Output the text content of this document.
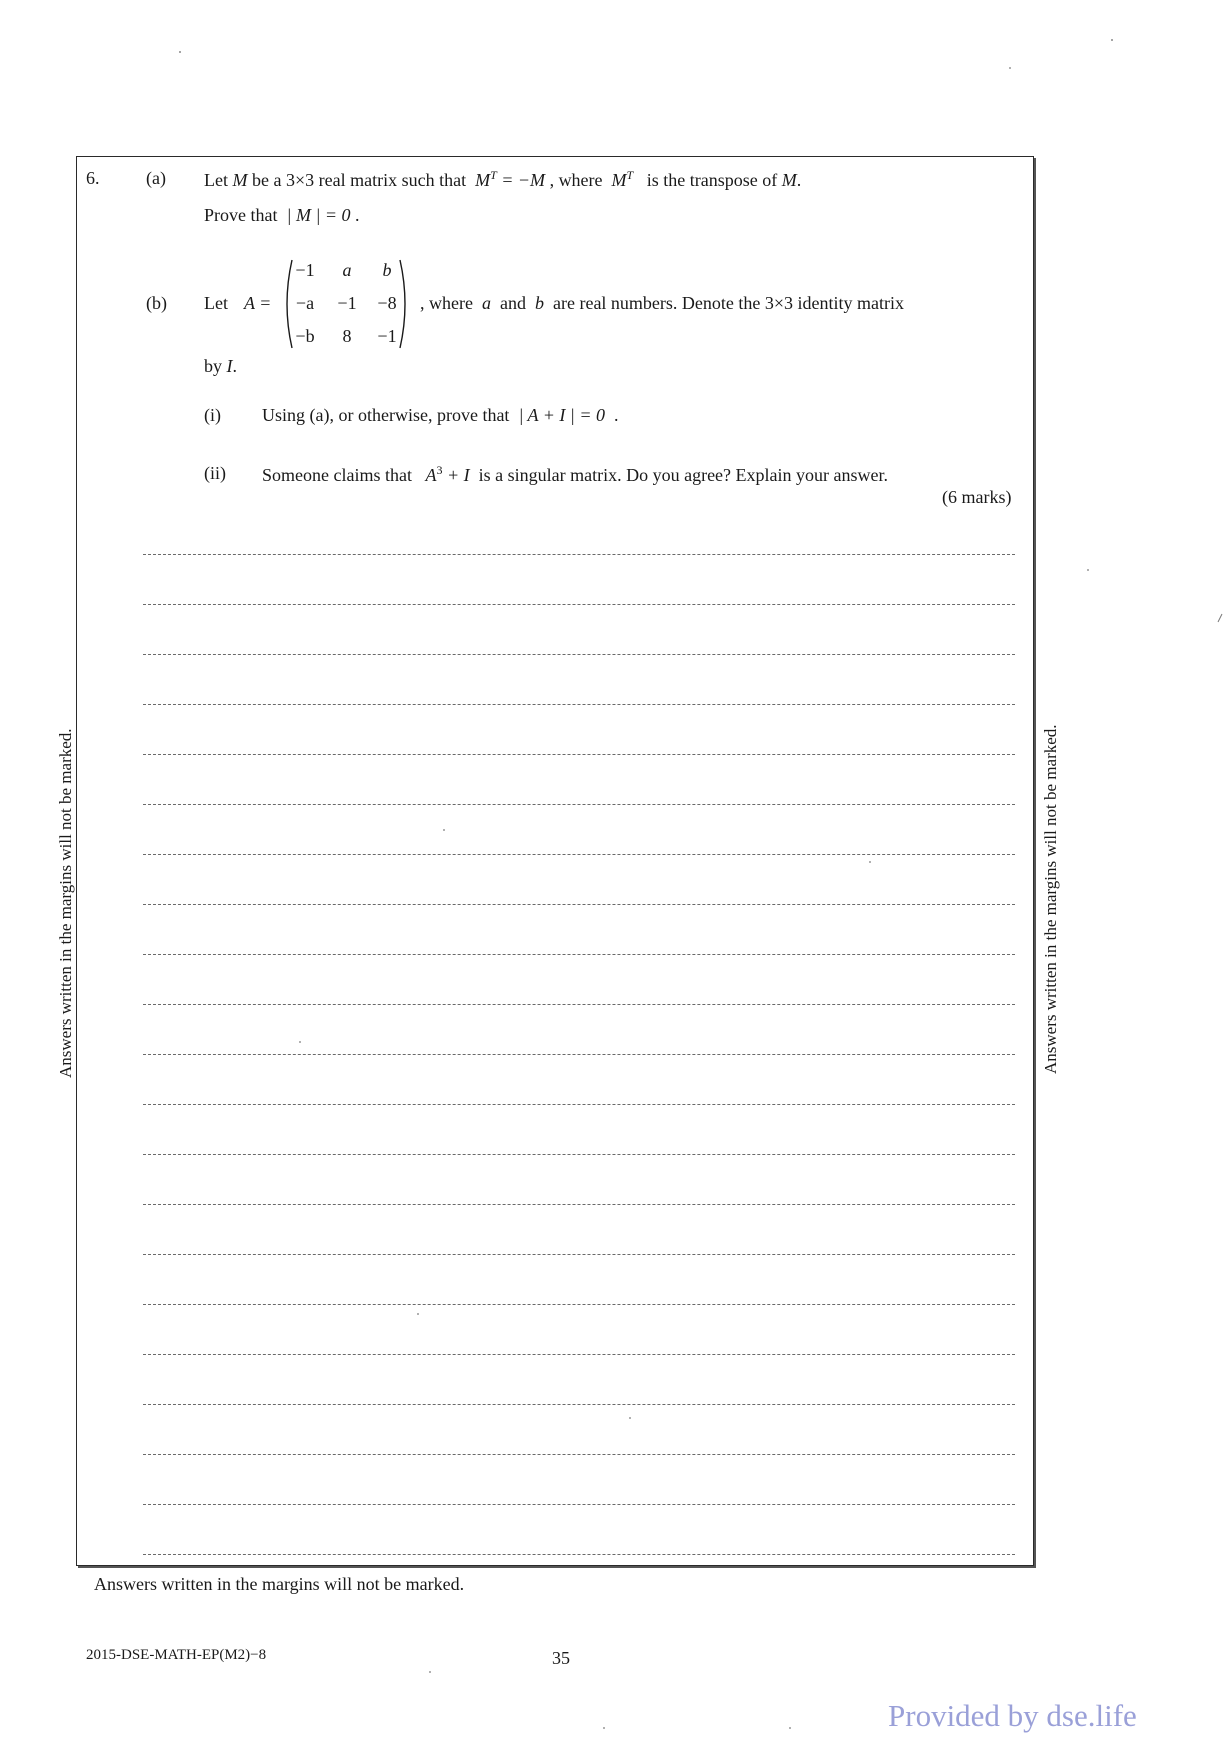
6.	(a) Let M be a 3×3 real matrix such that $M^T = -M$ , where $M^T$ is the transpose of M.
Prove that | M | = 0 .
(b) Let A =
−1	a	b
−a	−1	−8
−b	8	−1
, where a and b are real numbers. Denote the 3×3 identity matrix
by I.
(i) Using (a), or otherwise, prove that | A + I | = 0 .
(ii) Someone claims that $A^3 + I$ is a singular matrix. Do you agree? Explain your answer.
(6 marks)
Answers written in the margins will not be marked.	Answers written in the margins will not be marked.
Answers written in the margins will not be marked.
2015-DSE-MATH-EP(M2)−8	35
Provided by dse.life
